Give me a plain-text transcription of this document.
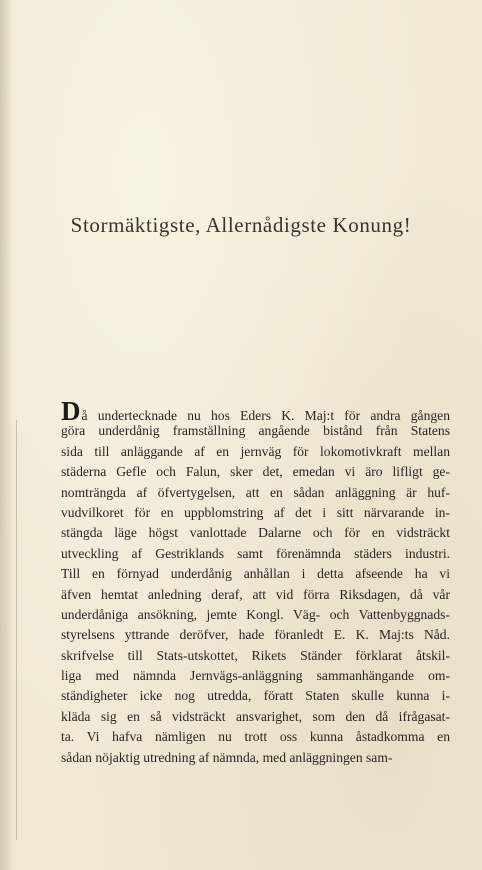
Stormäktigste, Allernådigste Konung!
D å undertecknade nu hos Eders K. Maj:t för andra gången
göra underdånig framställning angående bistånd från Statens
sida till anläggande af en jernväg för lokomotivkraft mellan
städerna Gefle och Falun, sker det, emedan vi äro lifligt ge-
nomträngda af öfvertygelsen, att en sådan anläggning är huf-
vudvilkoret för en uppblomstring af det i sitt närvarande in-
stängda läge högst vanlottade Dalarne och för en vidsträckt
utveckling af Gestriklands samt förenämnda städers industri.
Till en förnyad underdånig anhållan i detta afseende ha vi
äfven hemtat anledning deraf, att vid förra Riksdagen, då vår
underdåniga ansökning, jemte Kongl. Väg- och Vattenbyggnads-
styrelsens yttrande deröfver, hade föranledt E. K. Maj:ts Nåd.
skrifvelse till Stats-utskottet, Rikets Ständer förklarat åtskil-
liga med nämnda Jernvägs-anläggning sammanhängande om-
ständigheter icke nog utredda, föratt Staten skulle kunna i-
kläda sig en så vidsträckt ansvarighet, som den då ifrågasat-
ta. Vi hafva nämligen nu trott oss kunna åstadkomma en
sådan nöjaktig utredning af nämnda, med anläggningen sam-
